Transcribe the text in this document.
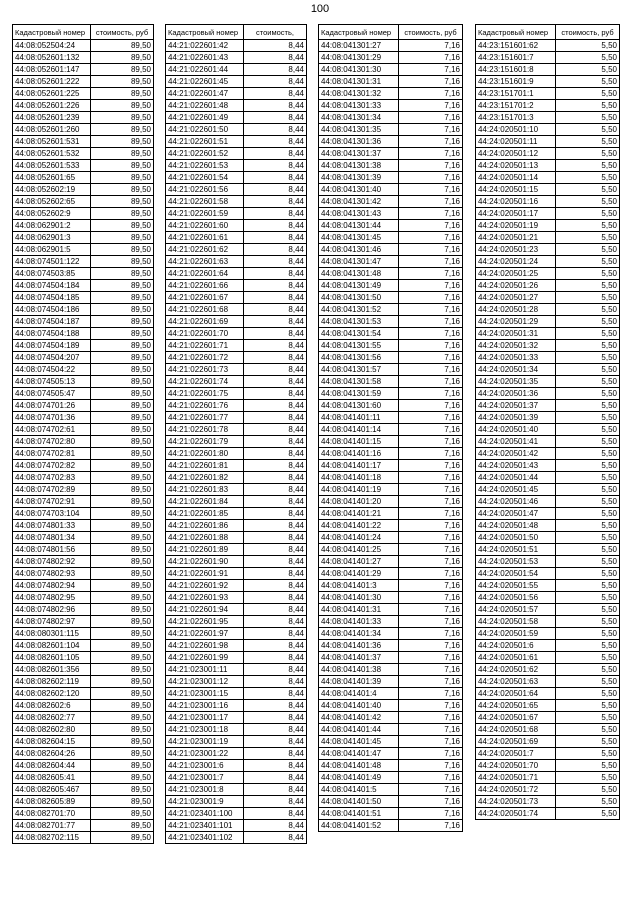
100
Кадастровый номер	стоимость, руб
44:08:052504:24	89,50
44:08:052601:132	89,50
44:08:052601:147	89,50
44:08:052601:222	89,50
44:08:052601:225	89,50
44:08:052601:226	89,50
44:08:052601:239	89,50
44:08:052601:260	89,50
44:08:052601:531	89,50
44:08:052601:532	89,50
44:08:052601:533	89,50
44:08:052601:65	89,50
44:08:052602:19	89,50
44:08:052602:65	89,50
44:08:052602:9	89,50
44:08:062901:2	89,50
44:08:062901:3	89,50
44:08:062901:5	89,50
44:08:074501:122	89,50
44:08:074503:85	89,50
44:08:074504:184	89,50
44:08:074504:185	89,50
44:08:074504:186	89,50
44:08:074504:187	89,50
44:08:074504:188	89,50
44:08:074504:189	89,50
44:08:074504:207	89,50
44:08:074504:22	89,50
44:08:074505:13	89,50
44:08:074505:47	89,50
44:08:074701:26	89,50
44:08:074701:36	89,50
44:08:074702:61	89,50
44:08:074702:80	89,50
44:08:074702:81	89,50
44:08:074702:82	89,50
44:08:074702:83	89,50
44:08:074702:89	89,50
44:08:074702:91	89,50
44:08:074703:104	89,50
44:08:074801:33	89,50
44:08:074801:34	89,50
44:08:074801:56	89,50
44:08:074802:92	89,50
44:08:074802:93	89,50
44:08:074802:94	89,50
44:08:074802:95	89,50
44:08:074802:96	89,50
44:08:074802:97	89,50
44:08:080301:115	89,50
44:08:082601:104	89,50
44:08:082601:105	89,50
44:08:082601:356	89,50
44:08:082602:119	89,50
44:08:082602:120	89,50
44:08:082602:6	89,50
44:08:082602:77	89,50
44:08:082602:80	89,50
44:08:082604:15	89,50
44:08:082604:26	89,50
44:08:082604:44	89,50
44:08:082605:41	89,50
44:08:082605:467	89,50
44:08:082605:89	89,50
44:08:082701:70	89,50
44:08:082701:77	89,50
44:08:082702:115	89,50
Кадастровый номер	стоимость,
44:21:022601:42	8,44
44:21:022601:43	8,44
44:21:022601:44	8,44
44:21:022601:45	8,44
44:21:022601:47	8,44
44:21:022601:48	8,44
44:21:022601:49	8,44
44:21:022601:50	8,44
44:21:022601:51	8,44
44:21:022601:52	8,44
44:21:022601:53	8,44
44:21:022601:54	8,44
44:21:022601:56	8,44
44:21:022601:58	8,44
44:21:022601:59	8,44
44:21:022601:60	8,44
44:21:022601:61	8,44
44:21:022601:62	8,44
44:21:022601:63	8,44
44:21:022601:64	8,44
44:21:022601:66	8,44
44:21:022601:67	8,44
44:21:022601:68	8,44
44:21:022601:69	8,44
44:21:022601:70	8,44
44:21:022601:71	8,44
44:21:022601:72	8,44
44:21:022601:73	8,44
44:21:022601:74	8,44
44:21:022601:75	8,44
44:21:022601:76	8,44
44:21:022601:77	8,44
44:21:022601:78	8,44
44:21:022601:79	8,44
44:21:022601:80	8,44
44:21:022601:81	8,44
44:21:022601:82	8,44
44:21:022601:83	8,44
44:21:022601:84	8,44
44:21:022601:85	8,44
44:21:022601:86	8,44
44:21:022601:88	8,44
44:21:022601:89	8,44
44:21:022601:90	8,44
44:21:022601:91	8,44
44:21:022601:92	8,44
44:21:022601:93	8,44
44:21:022601:94	8,44
44:21:022601:95	8,44
44:21:022601:97	8,44
44:21:022601:98	8,44
44:21:022601:99	8,44
44:21:023001:11	8,44
44:21:023001:12	8,44
44:21:023001:15	8,44
44:21:023001:16	8,44
44:21:023001:17	8,44
44:21:023001:18	8,44
44:21:023001:19	8,44
44:21:023001:22	8,44
44:21:023001:6	8,44
44:21:023001:7	8,44
44:21:023001:8	8,44
44:21:023001:9	8,44
44:21:023401:100	8,44
44:21:023401:101	8,44
44:21:023401:102	8,44
Кадастровый номер	стоимость, руб
44:08:041301:27	7,16
44:08:041301:29	7,16
44:08:041301:30	7,16
44:08:041301:31	7,16
44:08:041301:32	7,16
44:08:041301:33	7,16
44:08:041301:34	7,16
44:08:041301:35	7,16
44:08:041301:36	7,16
44:08:041301:37	7,16
44:08:041301:38	7,16
44:08:041301:39	7,16
44:08:041301:40	7,16
44:08:041301:42	7,16
44:08:041301:43	7,16
44:08:041301:44	7,16
44:08:041301:45	7,16
44:08:041301:46	7,16
44:08:041301:47	7,16
44:08:041301:48	7,16
44:08:041301:49	7,16
44:08:041301:50	7,16
44:08:041301:52	7,16
44:08:041301:53	7,16
44:08:041301:54	7,16
44:08:041301:55	7,16
44:08:041301:56	7,16
44:08:041301:57	7,16
44:08:041301:58	7,16
44:08:041301:59	7,16
44:08:041301:60	7,16
44:08:041401:11	7,16
44:08:041401:14	7,16
44:08:041401:15	7,16
44:08:041401:16	7,16
44:08:041401:17	7,16
44:08:041401:18	7,16
44:08:041401:19	7,16
44:08:041401:20	7,16
44:08:041401:21	7,16
44:08:041401:22	7,16
44:08:041401:24	7,16
44:08:041401:25	7,16
44:08:041401:27	7,16
44:08:041401:29	7,16
44:08:041401:3	7,16
44:08:041401:30	7,16
44:08:041401:31	7,16
44:08:041401:33	7,16
44:08:041401:34	7,16
44:08:041401:36	7,16
44:08:041401:37	7,16
44:08:041401:38	7,16
44:08:041401:39	7,16
44:08:041401:4	7,16
44:08:041401:40	7,16
44:08:041401:42	7,16
44:08:041401:44	7,16
44:08:041401:45	7,16
44:08:041401:47	7,16
44:08:041401:48	7,16
44:08:041401:49	7,16
44:08:041401:5	7,16
44:08:041401:50	7,16
44:08:041401:51	7,16
44:08:041401:52	7,16
Кадастровый номер	стоимость, руб
44:23:151601:62	5,50
44:23:151601:7	5,50
44:23:151601:8	5,50
44:23:151601:9	5,50
44:23:151701:1	5,50
44:23:151701:2	5,50
44:23:151701:3	5,50
44:24:020501:10	5,50
44:24:020501:11	5,50
44:24:020501:12	5,50
44:24:020501:13	5,50
44:24:020501:14	5,50
44:24:020501:15	5,50
44:24:020501:16	5,50
44:24:020501:17	5,50
44:24:020501:19	5,50
44:24:020501:21	5,50
44:24:020501:23	5,50
44:24:020501:24	5,50
44:24:020501:25	5,50
44:24:020501:26	5,50
44:24:020501:27	5,50
44:24:020501:28	5,50
44:24:020501:29	5,50
44:24:020501:31	5,50
44:24:020501:32	5,50
44:24:020501:33	5,50
44:24:020501:34	5,50
44:24:020501:35	5,50
44:24:020501:36	5,50
44:24:020501:37	5,50
44:24:020501:39	5,50
44:24:020501:40	5,50
44:24:020501:41	5,50
44:24:020501:42	5,50
44:24:020501:43	5,50
44:24:020501:44	5,50
44:24:020501:45	5,50
44:24:020501:46	5,50
44:24:020501:47	5,50
44:24:020501:48	5,50
44:24:020501:50	5,50
44:24:020501:51	5,50
44:24:020501:53	5,50
44:24:020501:54	5,50
44:24:020501:55	5,50
44:24:020501:56	5,50
44:24:020501:57	5,50
44:24:020501:58	5,50
44:24:020501:59	5,50
44:24:020501:6	5,50
44:24:020501:61	5,50
44:24:020501:62	5,50
44:24:020501:63	5,50
44:24:020501:64	5,50
44:24:020501:65	5,50
44:24:020501:67	5,50
44:24:020501:68	5,50
44:24:020501:69	5,50
44:24:020501:7	5,50
44:24:020501:70	5,50
44:24:020501:71	5,50
44:24:020501:72	5,50
44:24:020501:73	5,50
44:24:020501:74	5,50
